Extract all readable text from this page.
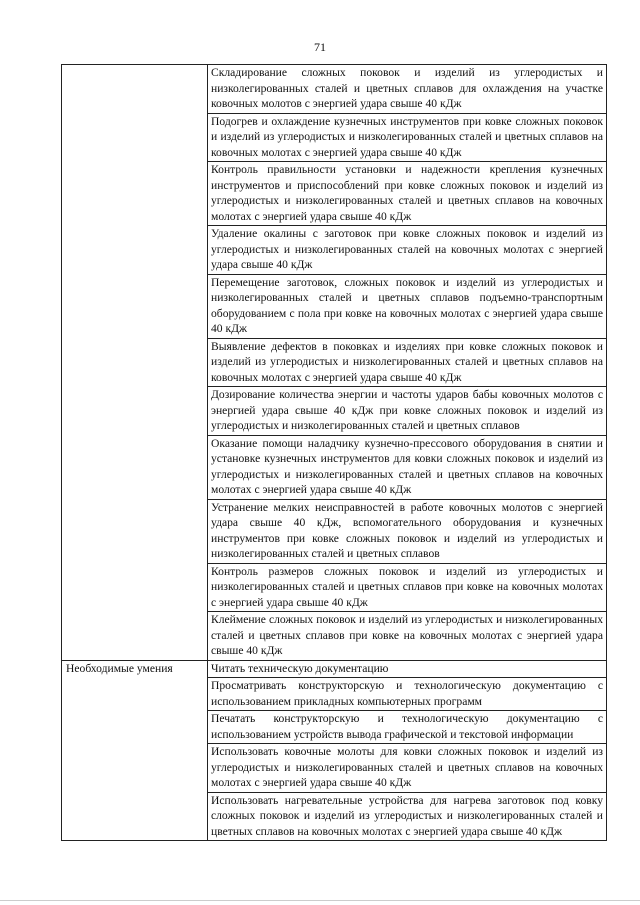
71
	Складирование сложных поковок и изделий из углеродистых и низколегированных сталей и цветных сплавов для охлаждения на участке ковочных молотов с энергией удара свыше 40 кДж
	Подогрев и охлаждение кузнечных инструментов при ковке сложных поковок и изделий из углеродистых и низколегированных сталей и цветных сплавов на ковочных молотах с энергией удара свыше 40 кДж
	Контроль правильности установки и надежности крепления кузнечных инструментов и приспособлений при ковке сложных поковок и изделий из углеродистых и низколегированных сталей и цветных сплавов на ковочных молотах с энергией удара свыше 40 кДж
	Удаление окалины с заготовок при ковке сложных поковок и изделий из углеродистых и низколегированных сталей на ковочных молотах с энергией удара свыше 40 кДж
	Перемещение заготовок, сложных поковок и изделий из углеродистых и низколегированных сталей и цветных сплавов подъемно-транспортным оборудованием с пола при ковке на ковочных молотах с энергией удара свыше 40 кДж
	Выявление дефектов в поковках и изделиях при ковке сложных поковок и изделий из углеродистых и низколегированных сталей и цветных сплавов на ковочных молотах с энергией удара свыше 40 кДж
	Дозирование количества энергии и частоты ударов бабы ковочных молотов с энергией удара свыше 40 кДж при ковке сложных поковок и изделий из углеродистых и низколегированных сталей и цветных сплавов
	Оказание помощи наладчику кузнечно-прессового оборудования в снятии и установке кузнечных инструментов для ковки сложных поковок и изделий из углеродистых и низколегированных сталей и цветных сплавов на ковочных молотах с энергией удара свыше 40 кДж
	Устранение мелких неисправностей в работе ковочных молотов с энергией удара свыше 40 кДж, вспомогательного оборудования и кузнечных инструментов при ковке сложных поковок и изделий из углеродистых и низколегированных сталей и цветных сплавов
	Контроль размеров сложных поковок и изделий из углеродистых и низколегированных сталей и цветных сплавов при ковке на ковочных молотах с энергией удара свыше 40 кДж
	Клеймение сложных поковок и изделий из углеродистых и низколегированных сталей и цветных сплавов при ковке на ковочных молотах с энергией удара свыше 40 кДж
Необходимые умения	Читать техническую документацию
	Просматривать конструкторскую и технологическую документацию с использованием прикладных компьютерных программ
	Печатать конструкторскую и технологическую документацию с использованием устройств вывода графической и текстовой информации
	Использовать ковочные молоты для ковки сложных поковок и изделий из углеродистых и низколегированных сталей и цветных сплавов на ковочных молотах с энергией удара свыше 40 кДж
	Использовать нагревательные устройства для нагрева заготовок под ковку сложных поковок и изделий из углеродистых и низколегированных сталей и цветных сплавов на ковочных молотах с энергией удара свыше 40 кДж
